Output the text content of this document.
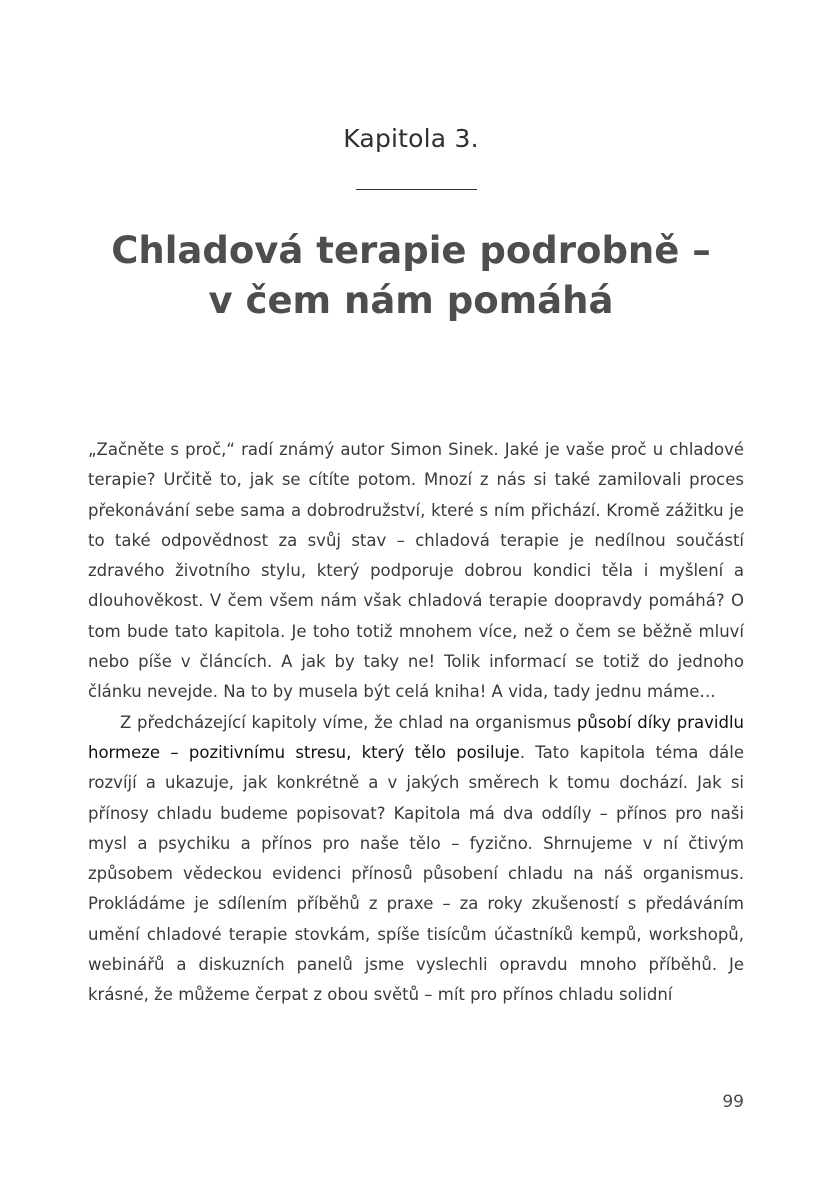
Kapitola 3.
Chladová terapie podrobně –
v čem nám pomáhá

„Začněte s proč,“ radí známý autor Simon Sinek. Jaké je vaše proč u chladové terapie? Určitě to, jak se cítíte potom. Mnozí z nás si také zamilovali proces překonávání sebe sama a dobrodružství, které s ním přichází. Kromě zážitku je to také odpovědnost za svůj stav – chladová terapie je nedílnou součástí zdravého životního stylu, který podporuje dobrou kondici těla i myšlení a dlouhověkost. V čem všem nám však chladová terapie doopravdy pomáhá? O tom bude tato kapitola. Je toho totiž mnohem více, než o čem se běžně mluví nebo píše v článcích. A jak by taky ne! Tolik informací se totiž do jednoho článku nevejde. Na to by musela být celá kniha! A vida, tady jednu máme…

Z předcházející kapitoly víme, že chlad na organismus působí díky pravidlu hormeze – pozitivnímu stresu, který tělo posiluje. Tato kapitola téma dále rozvíjí a ukazuje, jak konkrétně a v jakých směrech k tomu dochází. Jak si přínosy chladu budeme popisovat? Kapitola má dva oddíly – přínos pro naši mysl a psychiku a přínos pro naše tělo – fyzično. Shrnujeme v ní čtivým způsobem vědeckou evidenci přínosů působení chladu na náš organismus. Prokládáme je sdílením příběhů z praxe – za roky zkušeností s předáváním umění chladové terapie stovkám, spíše tisícům účastníků kempů, workshopů, webinářů a diskuzních panelů jsme vyslechli opravdu mnoho příběhů. Je krásné, že můžeme čerpat z obou světů – mít pro přínos chladu solidní

99
